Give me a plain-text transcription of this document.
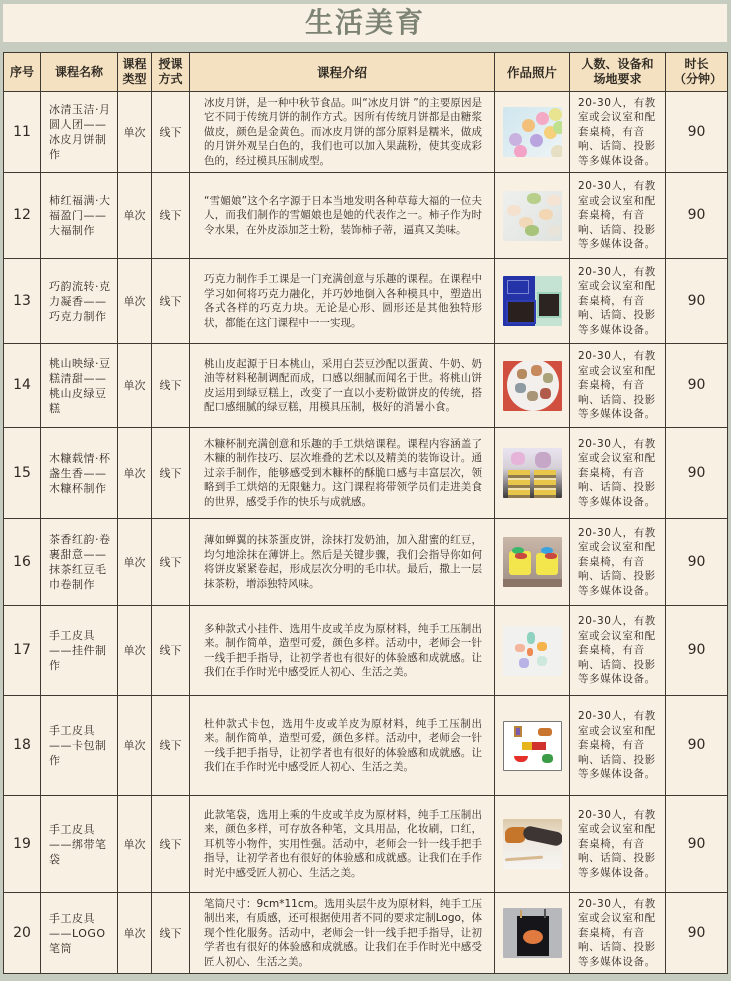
生活美育
序号	课程名称	课程类型	授课方式	课程介绍	作品照片	人数、设备和场地要求	时长（分钟）
11	冰清玉洁·月圆人团——冰皮月饼制作	单次	线下	冰皮月饼，是一种中秋节食品。叫“冰皮月饼 ”的主要原因是它不同于传统月饼的制作方式。因所有传统月饼都是由糖浆做皮，颜色是金黄色。而冰皮月饼的部分原料是糯米，做成的月饼外观呈白色的，我们也可以加入果蔬粉，使其变成彩色的，经过模具压制成型。		20-30人，有教室或会议室和配套桌椅，有音响、话筒、投影等多媒体设备。	90
12	柿红福满·大福盈门——大福制作	单次	线下	“雪媚娘”这个名字源于日本当地发明各种草莓大福的一位夫人，而我们制作的雪媚娘也是她的代表作之一。柿子作为时令水果，在外皮添加芝士粉，装饰柿子蒂，逼真又美味。		20-30人，有教室或会议室和配套桌椅，有音响、话筒、投影等多媒体设备。	90
13	巧韵流转·克力凝香——巧克力制作	单次	线下	巧克力制作手工课是一门充满创意与乐趣的课程。在课程中学习如何将巧克力融化，并巧妙地倒入各种模具中，塑造出各式各样的巧克力块。无论是心形、圆形还是其他独特形状，都能在这门课程中一一实现。		20-30人，有教室或会议室和配套桌椅，有音响、话筒、投影等多媒体设备。	90
14	桃山映绿·豆糕清甜——桃山皮绿豆糕	单次	线下	桃山皮起源于日本桃山，采用白芸豆沙配以蛋黄、牛奶、奶油等材料秘制调配而成，口感以细腻而闻名于世。将桃山饼皮运用到绿豆糕上，改变了一直以小麦粉做饼皮的传统，搭配口感细腻的绿豆糕，用模具压制，极好的消暑小食。		20-30人，有教室或会议室和配套桌椅，有音响、话筒、投影等多媒体设备。	90
15	木糠载情·杯盏生香——木糠杯制作	单次	线下	木糠杯制充满创意和乐趣的手工烘焙课程。课程内容涵盖了木糠的制作技巧、层次堆叠的艺术以及精美的装饰设计。通过亲手制作，能够感受到木糠杯的酥脆口感与丰富层次，领略到手工烘焙的无限魅力。这门课程将带领学员们走进美食的世界，感受手作的快乐与成就感。		20-30人，有教室或会议室和配套桌椅，有音响、话筒、投影等多媒体设备。	90
16	茶香红韵·卷裹甜意——抹茶红豆毛巾卷制作	单次	线下	薄如蝉翼的抹茶蛋皮饼，涂抹打发奶油，加入甜蜜的红豆，均匀地涂抹在薄饼上。然后是关键步骤，我们会指导你如何将饼皮紧紧卷起，形成层次分明的毛巾状。最后，撒上一层抹茶粉，增添独特风味。		20-30人，有教室或会议室和配套桌椅，有音响、话筒、投影等多媒体设备。	90
17	手工皮具——挂件制作	单次	线下	多种款式小挂件、选用牛皮或羊皮为原材料，纯手工压制出来。制作简单，造型可爱，颜色多样。活动中，老师会一针一线手把手指导，让初学者也有很好的体验感和成就感。让我们在手作时光中感受匠人初心、生活之美。		20-30人，有教室或会议室和配套桌椅，有音响、话筒、投影等多媒体设备。	90
18	手工皮具——卡包制作	单次	线下	杜仲款式卡包，选用牛皮或羊皮为原材料，纯手工压制出来。制作简单，造型可爱，颜色多样。活动中，老师会一针一线手把手指导，让初学者也有很好的体验感和成就感。让我们在手作时光中感受匠人初心、生活之美。		20-30人，有教室或会议室和配套桌椅，有音响、话筒、投影等多媒体设备。	90
19	手工皮具——绑带笔袋	单次	线下	此款笔袋，选用上乘的牛皮或羊皮为原材料，纯手工压制出来，颜色多样，可存放各种笔，文具用品，化妆刷，口红，耳机等小物件，实用性强。活动中，老师会一针一线手把手指导，让初学者也有很好的体验感和成就感。让我们在手作时光中感受匠人初心、生活之美。		20-30人，有教室或会议室和配套桌椅，有音响、话筒、投影等多媒体设备。	90
20	手工皮具——LOGO笔筒	单次	线下	笔筒尺寸：9cm*11cm。选用头层牛皮为原材料，纯手工压制出来，有质感，还可根据使用者不同的要求定制Logo，体现个性化服务。活动中，老师会一针一线手把手指导，让初学者也有很好的体验感和成就感。让我们在手作时光中感受匠人初心、生活之美。		20-30人，有教室或会议室和配套桌椅，有音响、话筒、投影等多媒体设备。	90
